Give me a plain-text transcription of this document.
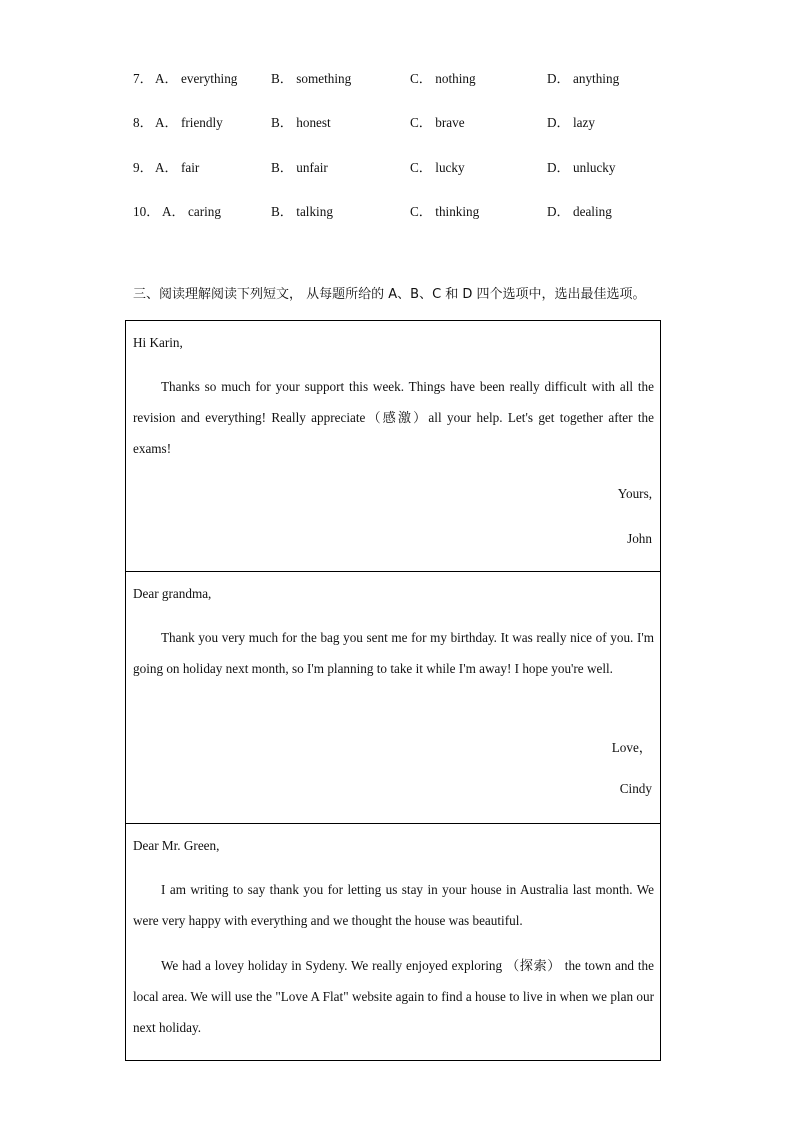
7． A． everything	B． something	C． nothing	D． anything
8． A． friendly	B． honest	C． brave	D． lazy
9． A． fair	B． unfair	C． lucky	D． unlucky
10． A． caring	B． talking	C． thinking	D． dealing
三、阅读理解阅读下列短文， 从每题所给的 A、B、C 和 D 四个选项中，选出最佳选项。
Hi Karin,
Thanks so much for your support this week. Things have been really difficult with all the revision and everything! Really appreciate（感激）all your help. Let's get together after the exams!
Yours,
John
Dear grandma,
Thank you very much for the bag you sent me for my birthday. It was really nice of you. I'm going on holiday next month, so I'm planning to take it while I'm away! I hope you're well.
Love，
Cindy
Dear Mr. Green,
I am writing to say thank you for letting us stay in your house in Australia last month. We were very happy with everything and we thought the house was beautiful.
We had a lovey holiday in Sydeny. We really enjoyed exploring （探索） the town and the local area. We will use the "Love A Flat" website again to find a house to live in when we plan our next holiday.
